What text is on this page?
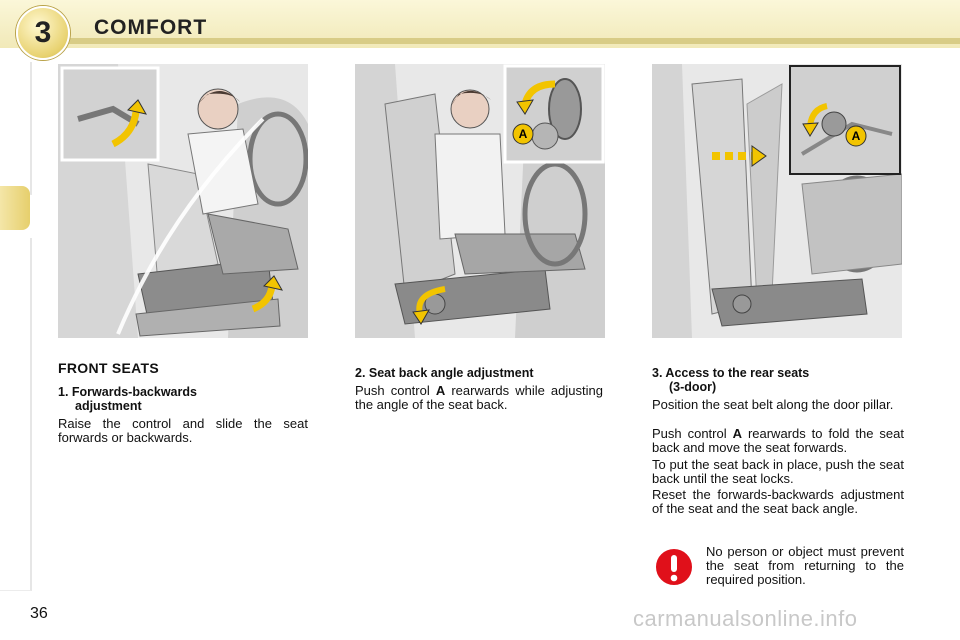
3 COMFORT
A	A
FRONT SEATS
1. Forwards-backwards
adjustment

Raise the control and slide the seat forwards or backwards.

2. Seat back angle adjustment

Push control A rearwards while adjusting the angle of the seat back.

3. Access to the rear seats
(3-door)

Position the seat belt along the door pillar.

Push control A rearwards to fold the seat back and move the seat forwards.

To put the seat back in place, push the seat back until the seat locks.

Reset the forwards-backwards adjustment of the seat and the seat back angle.

No person or object must prevent the seat from returning to the required position.

36	carmanualsonline.info
